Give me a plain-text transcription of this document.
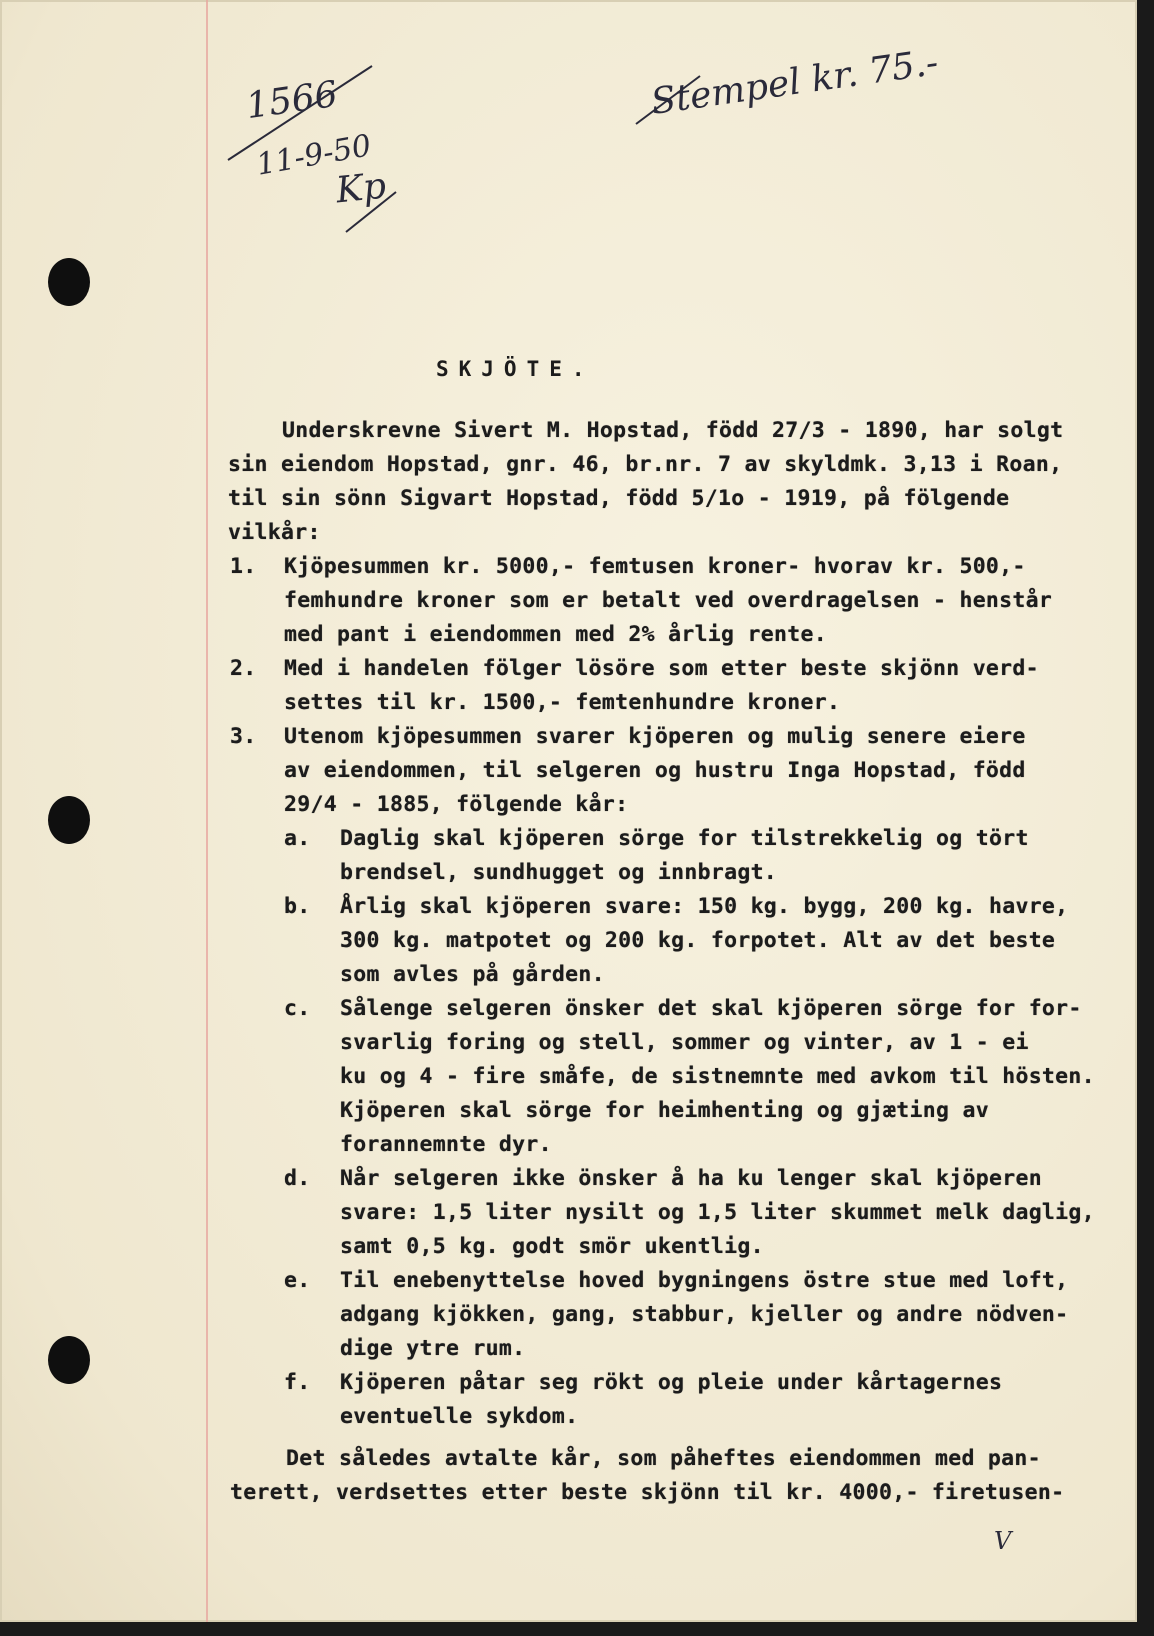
1566
11-9-50
Kp
Stempel kr. 75.-
SKJÖTE.
Underskrevne Sivert M. Hopstad, född 27/3 - 1890, har solgt
sin eiendom Hopstad, gnr. 46, br.nr. 7 av skyldmk. 3,13 i Roan,
til sin sönn Sigvart Hopstad, född 5/1o - 1919, på fölgende
vilkår:
1. Kjöpesummen kr. 5000,- femtusen kroner- hvorav kr. 500,-
femhundre kroner som er betalt ved overdragelsen - henstår
med pant i eiendommen med 2% årlig rente.
2. Med i handelen fölger lösöre som etter beste skjönn verd-
settes til kr. 1500,- femtenhundre kroner.
3. Utenom kjöpesummen svarer kjöperen og mulig senere eiere
av eiendommen, til selgeren og hustru Inga Hopstad, född
29/4 - 1885, fölgende kår:
a. Daglig skal kjöperen sörge for tilstrekkelig og tört
brendsel, sundhugget og innbragt.
b. Årlig skal kjöperen svare: 150 kg. bygg, 200 kg. havre,
300 kg. matpotet og 200 kg. forpotet. Alt av det beste
som avles på gården.
c. Sålenge selgeren önsker det skal kjöperen sörge for for-
svarlig foring og stell, sommer og vinter, av 1 - ei
ku og 4 - fire småfe, de sistnemnte med avkom til hösten.
Kjöperen skal sörge for heimhenting og gjæting av
forannemnte dyr.
d. Når selgeren ikke önsker å ha ku lenger skal kjöperen
svare: 1,5 liter nysilt og 1,5 liter skummet melk daglig,
samt 0,5 kg. godt smör ukentlig.
e. Til enebenyttelse hoved bygningens östre stue med loft,
adgang kjökken, gang, stabbur, kjeller og andre nödven-
dige ytre rum.
f. Kjöperen påtar seg rökt og pleie under kårtagernes
eventuelle sykdom.
Det således avtalte kår, som påheftes eiendommen med pan-
terett, verdsettes etter beste skjönn til kr. 4000,- firetusen-
V
